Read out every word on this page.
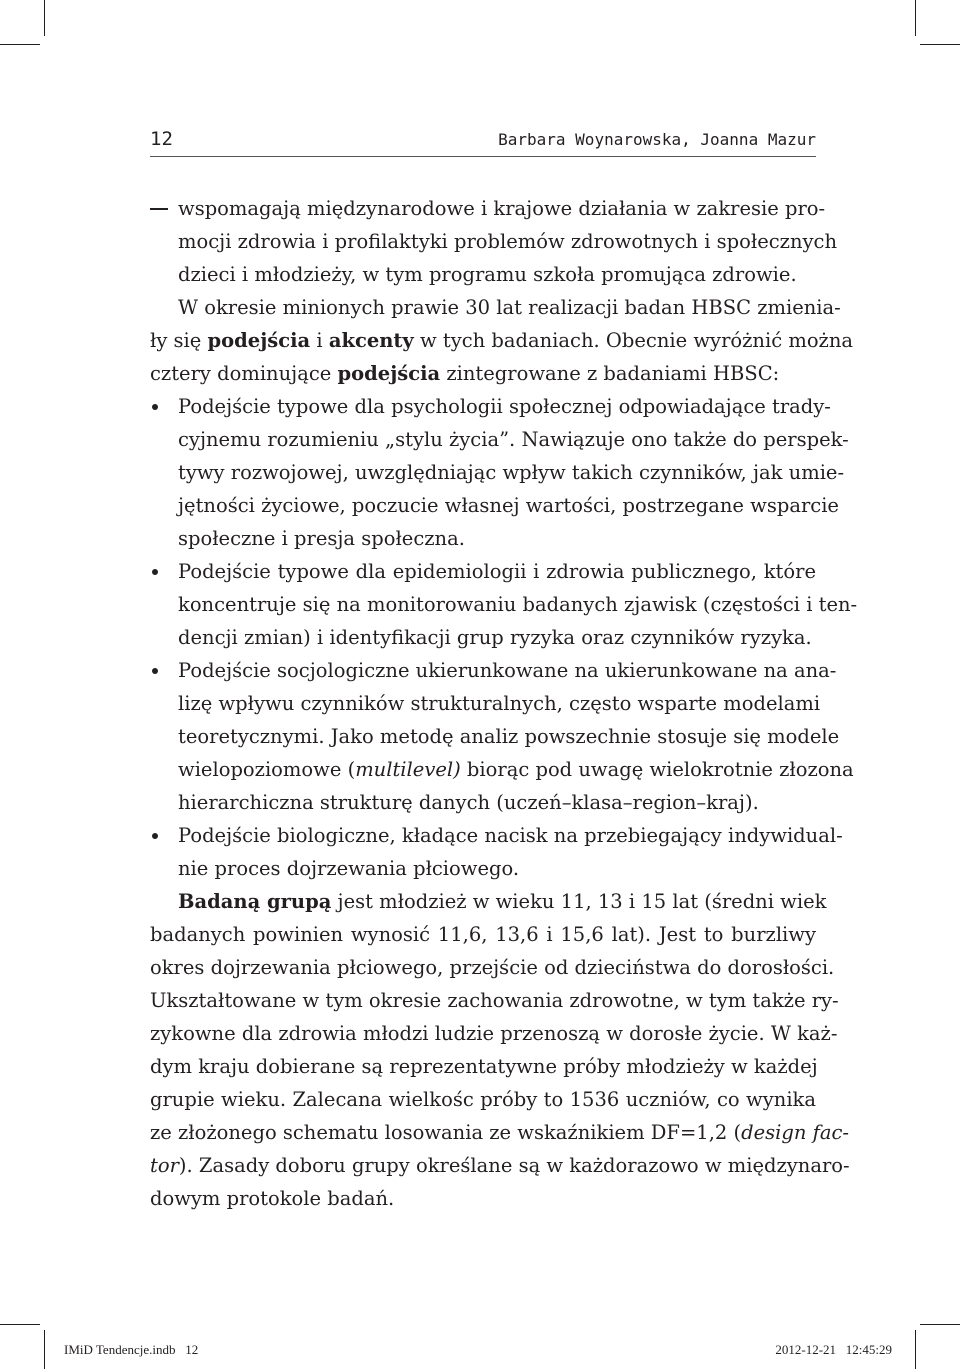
12	Barbara Woynarowska, Joanna Mazur
wspomagają międzynarodowe i krajowe działania w zakresie pro-
mocji zdrowia i profilaktyki problemów zdrowotnych i społecznych
dzieci i młodzieży, w tym programu szkoła promująca zdrowie.
W okresie minionych prawie 30 lat realizacji badan HBSC zmienia-
ły się podejścia i akcenty w tych badaniach. Obecnie wyróżnić można
cztery dominujące podejścia zintegrowane z badaniami HBSC:
Podejście typowe dla psychologii społecznej odpowiadające trady-
cyjnemu rozumieniu „stylu życia”. Nawiązuje ono także do perspek-
tywy rozwojowej, uwzględniając wpływ takich czynników, jak umie-
jętności życiowe, poczucie własnej wartości, postrzegane wsparcie
społeczne i presja społeczna.
Podejście typowe dla epidemiologii i zdrowia publicznego, które
koncentruje się na monitorowaniu badanych zjawisk (częstości i ten-
dencji zmian) i identyfikacji grup ryzyka oraz czynników ryzyka.
Podejście socjologiczne ukierunkowane na ukierunkowane na ana-
lizę wpływu czynników strukturalnych, często wsparte modelami
teoretycznymi. Jako metodę analiz powszechnie stosuje się modele
wielopoziomowe (multilevel) biorąc pod uwagę wielokrotnie złozona
hierarchiczna strukturę danych (uczeń–klasa–region–kraj).
Podejście biologiczne, kładące nacisk na przebiegający indywidual-
nie proces dojrzewania płciowego.
Badaną grupą jest młodzież w wieku 11, 13 i 15 lat (średni wiek
badanych powinien wynosić 11,6, 13,6 i 15,6 lat). Jest to burzliwy
okres dojrzewania płciowego, przejście od dzieciństwa do dorosłości.
Ukształtowane w tym okresie zachowania zdrowotne, w tym także ry-
zykowne dla zdrowia młodzi ludzie przenoszą w dorosłe życie. W każ-
dym kraju dobierane są reprezentatywne próby młodzieży w każdej
grupie wieku. Zalecana wielkośc próby to 1536 uczniów, co wynika
ze złożonego schematu losowania ze wskaźnikiem DF=1,2 (design fac-
tor). Zasady doboru grupy określane są w każdorazowo w międzynaro-
dowym protokole badań.
IMiD Tendencje.indb   12	2012-12-21   12:45:29
